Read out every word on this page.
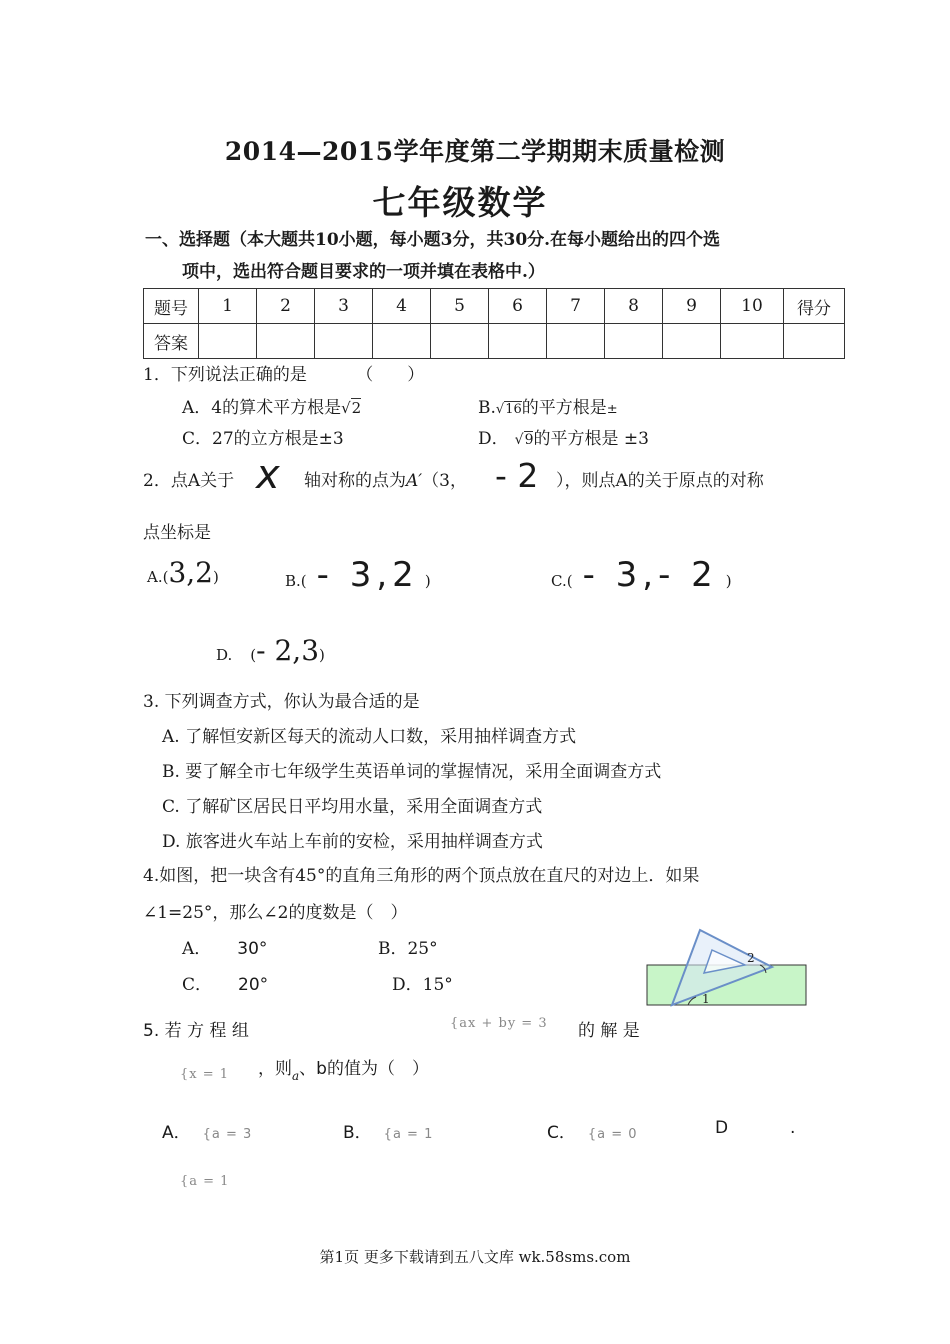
2014—2015学年度第二学期期末质量检测
七年级数学
一、选择题（本大题共10小题，每小题3分，共30分.在每小题给出的四个选
项中，选出符合题目要求的一项并填在表格中.）
题号	1	2	3	4	5	6	7	8	9	10	得分
答案											
1．下列说法正确的是	（　　）
A．4的算术平方根是√2	B.√16的平方根是±
C．27的立方根是±3	D． √9的平方根是 ±3
2．点A关于 x 轴对称的点为A′（3， - 2 ），则点A的关于原点的对称
点坐标是
A.(3,2)	B.( - 3,2 )	C.( - 3,- 2 )
D. (- 2,3)
3. 下列调查方式，你认为最合适的是
A. 了解恒安新区每天的流动人口数，采用抽样调查方式
B. 要了解全市七年级学生英语单词的掌握情况，采用全面调查方式
C. 了解矿区居民日平均用水量，采用全面调查方式
D. 旅客进火车站上车前的安检，采用抽样调查方式
4.如图，把一块含有45°的直角三角形的两个顶点放在直尺的对边上．如果
∠1=25°，那么∠2的度数是（　）
A． 30°	B．25°
C． 20°	D．15°
1
2
5. 若 方 程 组	{ax + by = 3 的 解 是
{x = 1 ，则$_a$、b的值为（　）
A． {a = 3	B． {a = 1	C． {a = 0	D	.
{a = 1
第1页 更多下载请到五八文库 wk.58sms.com
